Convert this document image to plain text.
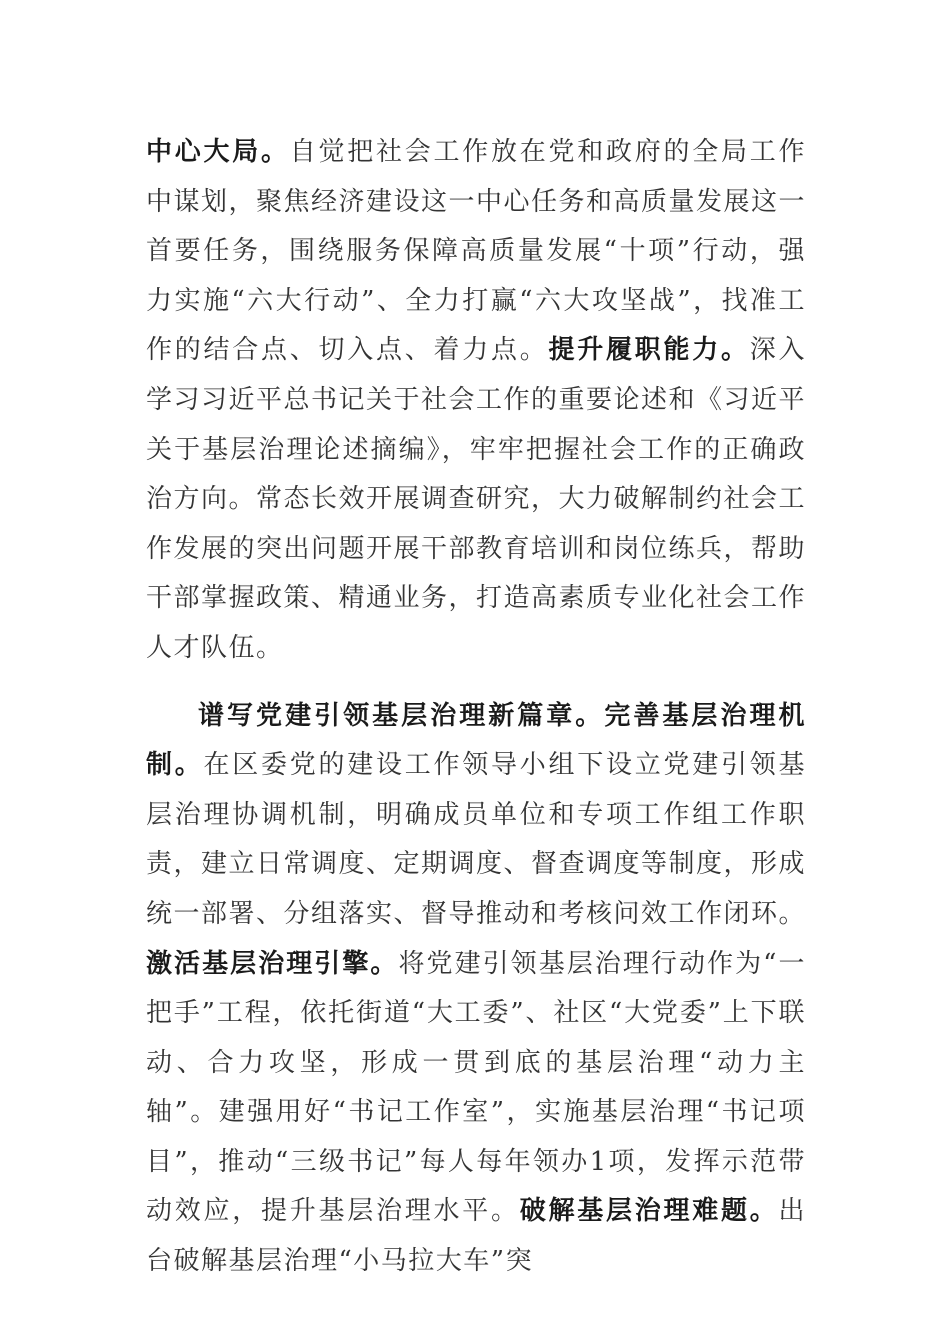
中心大局。自觉把社会工作放在党和政府的全局工作中谋划，聚焦经济建设这一中心任务和高质量发展这一首要任务，围绕服务保障高质量发展“十项”行动，强力实施“六大行动”、全力打赢“六大攻坚战”，找准工作的结合点、切入点、着力点。提升履职能力。深入学习习近平总书记关于社会工作的重要论述和《习近平关于基层治理论述摘编》，牢牢把握社会工作的正确政治方向。常态长效开展调查研究，大力破解制约社会工作发展的突出问题开展干部教育培训和岗位练兵，帮助干部掌握政策、精通业务，打造高素质专业化社会工作人才队伍。

谱写党建引领基层治理新篇章。完善基层治理机制。在区委党的建设工作领导小组下设立党建引领基层治理协调机制，明确成员单位和专项工作组工作职责，建立日常调度、定期调度、督查调度等制度，形成统一部署、分组落实、督导推动和考核问效工作闭环。激活基层治理引擎。将党建引领基层治理行动作为“一把手”工程，依托街道“大工委”、社区“大党委”上下联动、合力攻坚，形成一贯到底的基层治理“动力主轴”。建强用好“书记工作室”，实施基层治理“书记项目”，推动“三级书记”每人每年领办1项，发挥示范带动效应，提升基层治理水平。破解基层治理难题。出台破解基层治理“小马拉大车”突
